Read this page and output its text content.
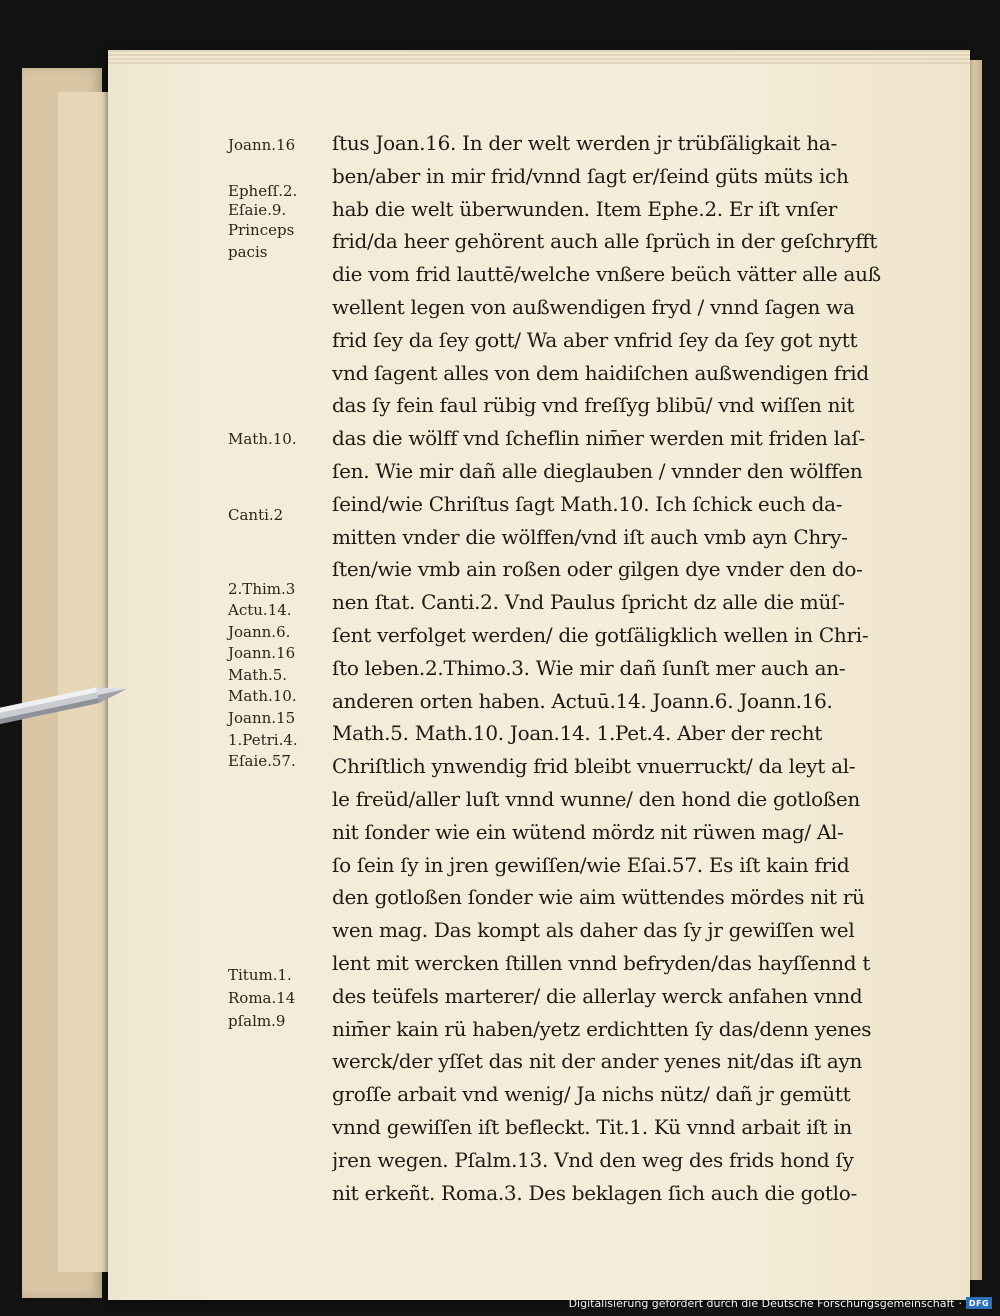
Joann.16
Epheſſ.2.
Eſaie.9.
Princeps
pacis
Math.10.
Canti.2
2.Thim.3
Actu.14.
Joann.6.
Joann.16
Math.5.
Math.10.
Joann.15
1.Petri.4.
Eſaie.57.
Titum.1.
Roma.14
pſalm.9
ſtus Joan.16. In der welt werden jr trübſäligkait ha-
ben/aber in mir frid/vnnd ſagt er/ſeind güts müts ich
hab die welt überwunden. Item Ephe.2. Er iſt vnſer
frid/da heer gehörent auch alle ſprüch in der geſchryfft
die vom frid lauttē/welche vnßere beüch vätter alle auß
wellent legen von außwendigen fryd / vnnd ſagen wa
frid ſey da ſey gott/ Wa aber vnfrid ſey da ſey got nytt
vnd ſagent alles von dem haidiſchen außwendigen frid
das ſy fein faul rübig vnd freſſyg blibū/ vnd wiſſen nit
das die wölff vnd ſcheflin nim̄er werden mit friden laſ-
ſen. Wie mir dañ alle dieglauben / vnnder den wölffen
ſeind/wie Chriſtus ſagt Math.10. Ich ſchick euch da-
mitten vnder die wölffen/vnd iſt auch vmb ayn Chry-
ſten/wie vmb ain roßen oder gilgen dye vnder den do-
nen ſtat. Canti.2. Vnd Paulus ſpricht dz alle die müſ-
ſent verfolget werden/ die gotſäligklich wellen in Chri-
ſto leben.2.Thimo.3. Wie mir dañ ſunſt mer auch an-
anderen orten haben. Actuū.14. Joann.6. Joann.16.
Math.5. Math.10. Joan.14. 1.Pet.4. Aber der recht
Chriſtlich ynwendig frid bleibt vnuerruckt/ da leyt al-
le freüd/aller luſt vnnd wunne/ den hond die gotloßen
nit ſonder wie ein wütend mördz nit rüwen mag/ Al-
ſo ſein ſy in jren gewiſſen/wie Eſai.57. Es iſt kain frid
den gotloßen ſonder wie aim wüttendes mördes nit rü
wen mag. Das kompt als daher das ſy jr gewiſſen wel
lent mit wercken ſtillen vnnd befryden/das hayſſennd t
des teüfels marterer/ die allerlay werck anfahen vnnd
nim̄er kain rü haben/yetz erdichtten ſy das/denn yenes
werck/der yſſet das nit der ander yenes nit/das iſt ayn
groſſe arbait vnd wenig/ Ja nichs nütz/ dañ jr gemütt
vnnd gewiſſen iſt befleckt. Tit.1. Kü vnnd arbait iſt in
jren wegen. Pſalm.13. Vnd den weg des frids hond ſy
nit erkeñt. Roma.3. Des beklagen ſich auch die gotlo-
Digitalisierung gefördert durch die Deutsche Forschungsgemeinschaft · DFG
